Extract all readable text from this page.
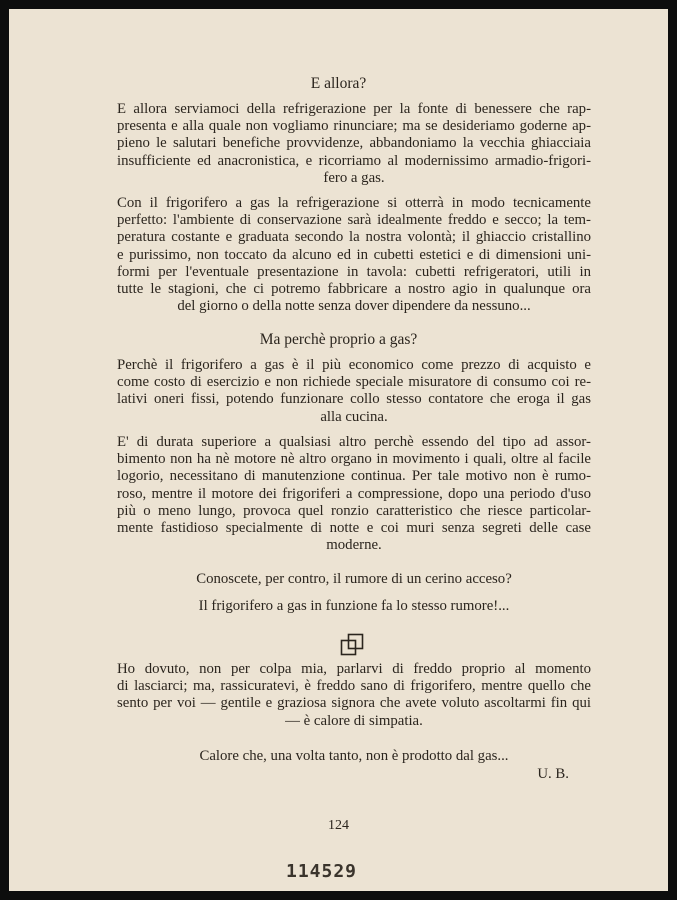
E allora?
E allora serviamoci della refrigerazione per la fonte di benessere che rap-
presenta e alla quale non vogliamo rinunciare; ma se desideriamo goderne ap-
pieno le salutari benefiche provvidenze, abbandoniamo la vecchia ghiacciaia
insufficiente ed anacronistica, e ricorriamo al modernissimo armadio-frigori-
fero a gas.
Con il frigorifero a gas la refrigerazione si otterrà in modo tecnicamente
perfetto: l'ambiente di conservazione sarà idealmente freddo e secco; la tem-
peratura costante e graduata secondo la nostra volontà; il ghiaccio cristallino
e purissimo, non toccato da alcuno ed in cubetti estetici e di dimensioni uni-
formi per l'eventuale presentazione in tavola: cubetti refrigeratori, utili in
tutte le stagioni, che ci potremo fabbricare a nostro agio in qualunque ora
del giorno o della notte senza dover dipendere da nessuno...
Ma perchè proprio a gas?
Perchè il frigorifero a gas è il più economico come prezzo di acquisto e
come costo di esercizio e non richiede speciale misuratore di consumo coi re-
lativi oneri fissi, potendo funzionare collo stesso contatore che eroga il gas
alla cucina.
E' di durata superiore a qualsiasi altro perchè essendo del tipo ad assor-
bimento non ha nè motore nè altro organo in movimento i quali, oltre al facile
logorio, necessitano di manutenzione continua. Per tale motivo non è rumo-
roso, mentre il motore dei frigoriferi a compressione, dopo una periodo d'uso
più o meno lungo, provoca quel ronzio caratteristico che riesce particolar-
mente fastidioso specialmente di notte e coi muri senza segreti delle case
moderne.
Conoscete, per contro, il rumore di un cerino acceso?
Il frigorifero a gas in funzione fa lo stesso rumore!...
Ho dovuto, non per colpa mia, parlarvi di freddo proprio al momento
di lasciarci; ma, rassicuratevi, è freddo sano di frigorifero, mentre quello che
sento per voi — gentile e graziosa signora che avete voluto ascoltarmi fin qui
— è calore di simpatia.
Calore che, una volta tanto, non è prodotto dal gas...
U. B.
124
114529
